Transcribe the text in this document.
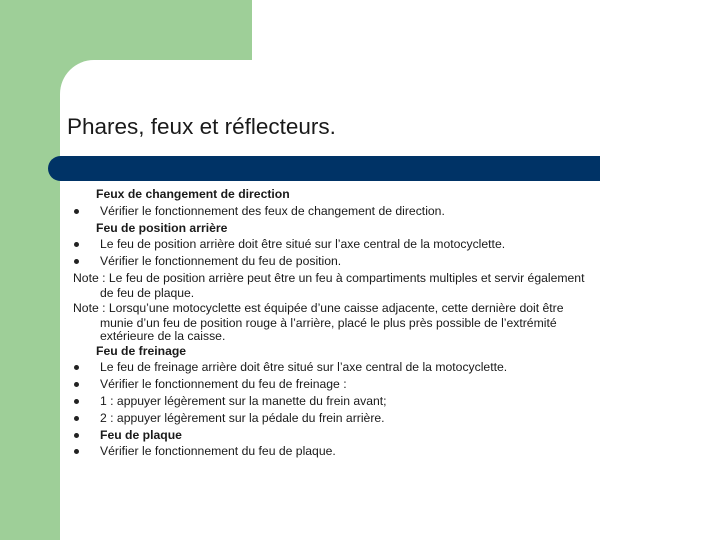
Phares, feux et réflecteurs.
Feux de changement de direction
Vérifier le fonctionnement des feux de changement de direction.
Feu de position arrière
Le feu de position arrière doit être situé sur l’axe central de la motocyclette.
Vérifier le fonctionnement du feu de position.
Note : Le feu de position arrière peut être un feu à compartiments multiples et servir également
de feu de plaque.
Note : Lorsqu’une motocyclette est équipée d’une caisse adjacente, cette dernière doit être
munie d’un feu de position rouge à l’arrière, placé le plus près possible de l’extrémité
extérieure de la caisse.
Feu de freinage
Le feu de freinage arrière doit être situé sur l’axe central de la motocyclette.
Vérifier le fonctionnement du feu de freinage :
1 : appuyer légèrement sur la manette du frein avant;
2 : appuyer légèrement sur la pédale du frein arrière.
Feu de plaque
Vérifier le fonctionnement du feu de plaque.
